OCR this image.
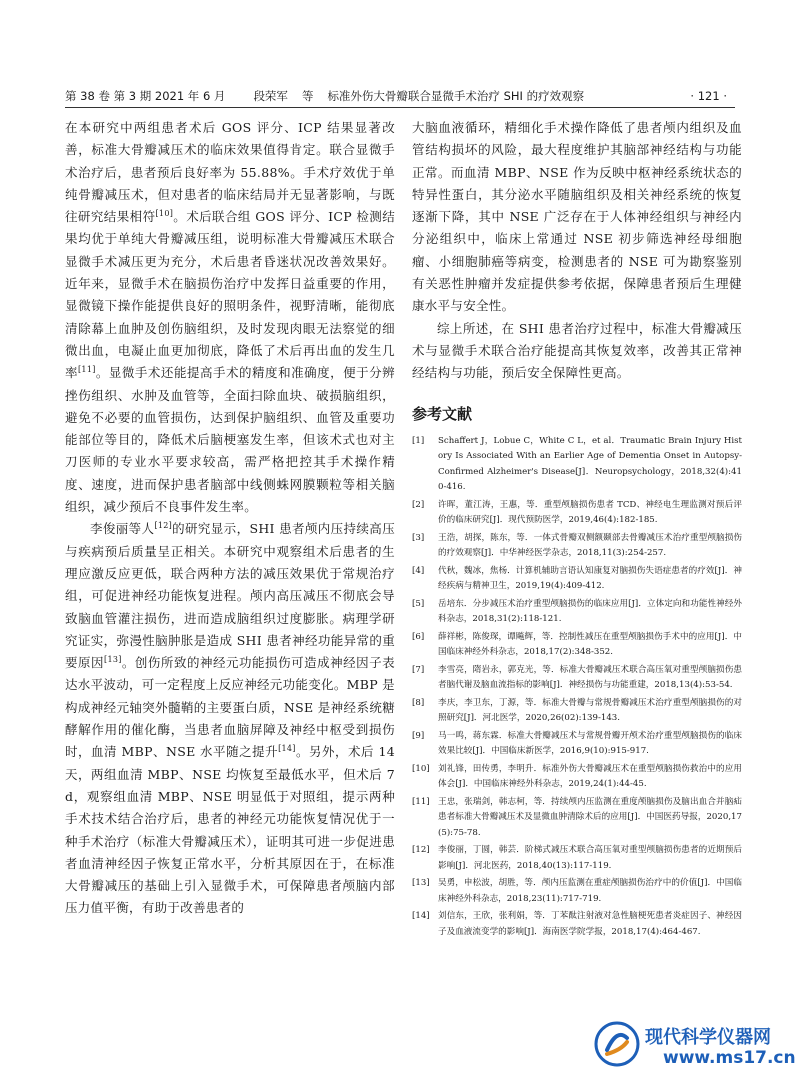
第 38 卷 第 3 期 2021 年 6 月 段荣军 等 标准外伤大骨瓣联合显微手术治疗 SHI 的疗效观察	· 121 ·

在本研究中两组患者术后 GOS 评分、ICP 结果显著改善，标准大骨瓣减压术的临床效果值得肯定。联合显微手术治疗后，患者预后良好率为 55.88%。手术疗效优于单纯骨瓣减压术，但对患者的临床结局并无显著影响，与既往研究结果相符[10]。术后联合组 GOS 评分、ICP 检测结果均优于单纯大骨瓣减压组，说明标准大骨瓣减压术联合显微手术减压更为充分，术后患者昏迷状况改善效果好。近年来，显微手术在脑损伤治疗中发挥日益重要的作用，显微镜下操作能提供良好的照明条件，视野清晰，能彻底清除幕上血肿及创伤脑组织，及时发现肉眼无法察觉的细微出血，电凝止血更加彻底，降低了术后再出血的发生几率[11]。显微手术还能提高手术的精度和准确度，便于分辨挫伤组织、水肿及血管等，全面扫除血块、破损脑组织，避免不必要的血管损伤，达到保护脑组织、血管及重要功能部位等目的，降低术后脑梗塞发生率，但该术式也对主刀医师的专业水平要求较高，需严格把控其手术操作精度、速度，进而保护患者脑部中线侧蛛网膜颗粒等相关脑组织，减少预后不良事件发生率。

李俊丽等人[12]的研究显示，SHI 患者颅内压持续高压与疾病预后质量呈正相关。本研究中观察组术后患者的生理应激反应更低，联合两种方法的减压效果优于常规治疗组，可促进神经功能恢复进程。颅内高压减压不彻底会导致脑血管灌注损伤，进而造成脑组织过度膨胀。病理学研究证实，弥漫性脑肿胀是造成 SHI 患者神经功能异常的重要原因[13]。创伤所致的神经元功能损伤可造成神经因子表达水平波动，可一定程度上反应神经元功能变化。MBP 是构成神经元轴突外髓鞘的主要蛋白质，NSE 是神经系统糖酵解作用的催化酶，当患者血脑屏障及神经中枢受到损伤时，血清 MBP、NSE 水平随之提升[14]。另外，术后 14 天，两组血清 MBP、NSE 均恢复至最低水平，但术后 7d，观察组血清 MBP、NSE 明显低于对照组，提示两种手术技术结合治疗后，患者的神经元功能恢复情况优于一种手术治疗（标准大骨瓣减压术），证明其可进一步促进患者血清神经因子恢复正常水平，分析其原因在于，在标准大骨瓣减压的基础上引入显微手术，可保障患者颅脑内部压力值平衡，有助于改善患者的

大脑血液循环，精细化手术操作降低了患者颅内组织及血管结构损坏的风险，最大程度维护其脑部神经结构与功能正常。而血清 MBP、NSE 作为反映中枢神经系统状态的特异性蛋白，其分泌水平随脑组织及相关神经系统的恢复逐渐下降，其中 NSE 广泛存在于人体神经组织与神经内分泌组织中，临床上常通过 NSE 初步筛选神经母细胞瘤、小细胞肺癌等病变，检测患者的 NSE 可为勘察鉴别有关恶性肿瘤并发症提供参考依据，保障患者预后生理健康水平与安全性。

综上所述，在 SHI 患者治疗过程中，标准大骨瓣减压术与显微手术联合治疗能提高其恢复效率，改善其正常神经结构与功能，预后安全保障性更高。

参考文献
[1]	Schaffert J，Lobue C，White C L，et al．Traumatic Brain Injury History Is Associated With an Earlier Age of Dementia Onset in Autopsy-Confirmed Alzheimer's Disease[J]．Neuropsychology，2018,32(4):410-416.
[2]	许晖，董江涛，王惠，等．重型颅脑损伤患者 TCD、神经电生理监测对预后评价的临床研究[J]．现代预防医学，2019,46(4):182-185.
[3]	王浩，胡探，陈东，等．一体式骨瓣双侧额颞部去骨瓣减压术治疗重型颅脑损伤的疗效观察[J]．中华神经医学杂志，2018,11(3):254-257.
[4]	代秋，魏冰，焦杨．计算机辅助言语认知康复对脑损伤失语症患者的疗效[J]．神经疾病与精神卫生，2019,19(4):409-412.
[5]	岳培东．分步减压术治疗重型颅脑损伤的临床应用[J]．立体定向和功能性神经外科杂志，2018,31(2):118-121.
[6]	薛祥彬，陈俊琛，谭飚辉，等．控制性减压在重型颅脑损伤手术中的应用[J]．中国临床神经外科杂志，2018,17(2):348-352.
[7]	李雪亮，隋岩永，郭克光，等．标准大骨瓣减压术联合高压氧对重型颅脑损伤患者脑代谢及脑血流指标的影响[J]．神经损伤与功能重建，2018,13(4):53-54.
[8]	李庆，李卫东，丁源，等．标准大骨瓣与常规骨瓣减压术治疗重型颅脑损伤的对照研究[J]．河北医学，2020,26(02):139-143.
[9]	马一鸣，蒋东霖．标准大骨瓣减压术与常规骨瓣开颅术治疗重型颅脑损伤的临床效果比较[J]．中国临床新医学，2016,9(10):915-917.
[10] 刘礼锋，田传勇，李明升．标准外伤大骨瓣减压术在重型颅脑损伤救治中的应用体会[J]．中国临床神经外科杂志，2019,24(1):44-45.
[11] 王忠，张瑞剑，韩志柯，等．持续颅内压监测在重度颅脑损伤及脑出血合并脑疝患者标准大骨瓣减压术及显微血肿清除术后的应用[J]．中国医药导报，2020,17(5):75-78.
[12] 李俊丽，丁圆，韩芸．阶梯式减压术联合高压氧对重型颅脑损伤患者的近期预后影响[J]．河北医药，2018,40(13):117-119.
[13] 吴勇，申松波，胡胜，等．颅内压监测在重症颅脑损伤治疗中的价值[J]．中国临床神经外科杂志，2018,23(11):717-719.
[14] 刘信东，王欣，张利娟，等．丁苯酞注射液对急性脑梗死患者炎症因子、神经因子及血液流变学的影响[J]．海南医学院学报，2018,17(4):464-467.
现代科学仪器网
www.ms17.cn
